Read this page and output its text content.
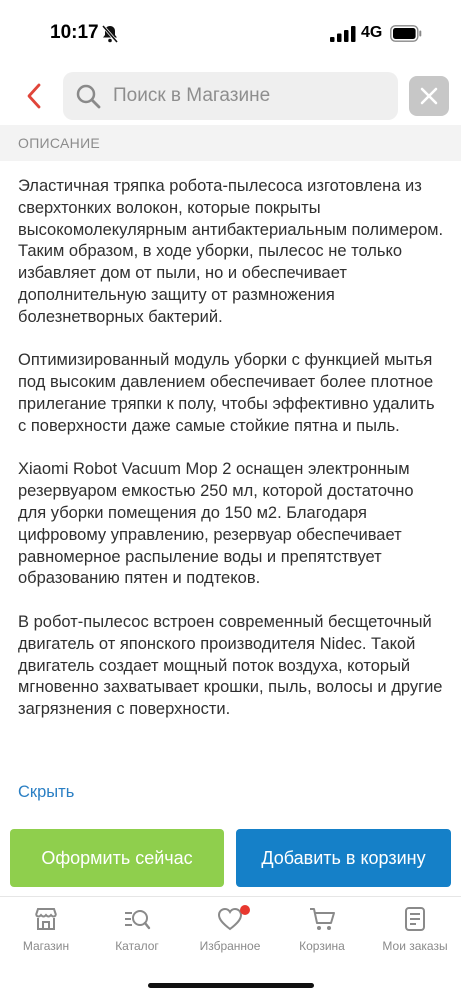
10:17	4G
Поиск в Магазине
ОПИСАНИЕ

Эластичная тряпка робота-пылесоса изготовлена из сверхтонких волокон, которые покрыты высокомолекулярным антибактериальным полимером. Таким образом, в ходе уборки, пылесос не только избавляет дом от пыли, но и обеспечивает дополнительную защиту от размножения болезнетворных бактерий.

Оптимизированный модуль уборки с функцией мытья под высоким давлением обеспечивает более плотное прилегание тряпки к полу, чтобы эффективно удалить с поверхности даже самые стойкие пятна и пыль.

Xiaomi Robot Vacuum Mop 2 оснащен электронным резервуаром емкостью 250 мл, которой достаточно для уборки помещения до 150 м2. Благодаря цифровому управлению, резервуар обеспечивает равномерное распыление воды и препятствует образованию пятен и подтеков.

В робот-пылесос встроен современный бесщеточный двигатель от японского производителя Nidec. Такой двигатель создает мощный поток воздуха, который мгновенно захватывает крошки, пыль, волосы и другие загрязнения с поверхности.

Скрыть
Оформить сейчас	Добавить в корзину
Магазин	Каталог	Избранное	Корзина	Мои заказы
